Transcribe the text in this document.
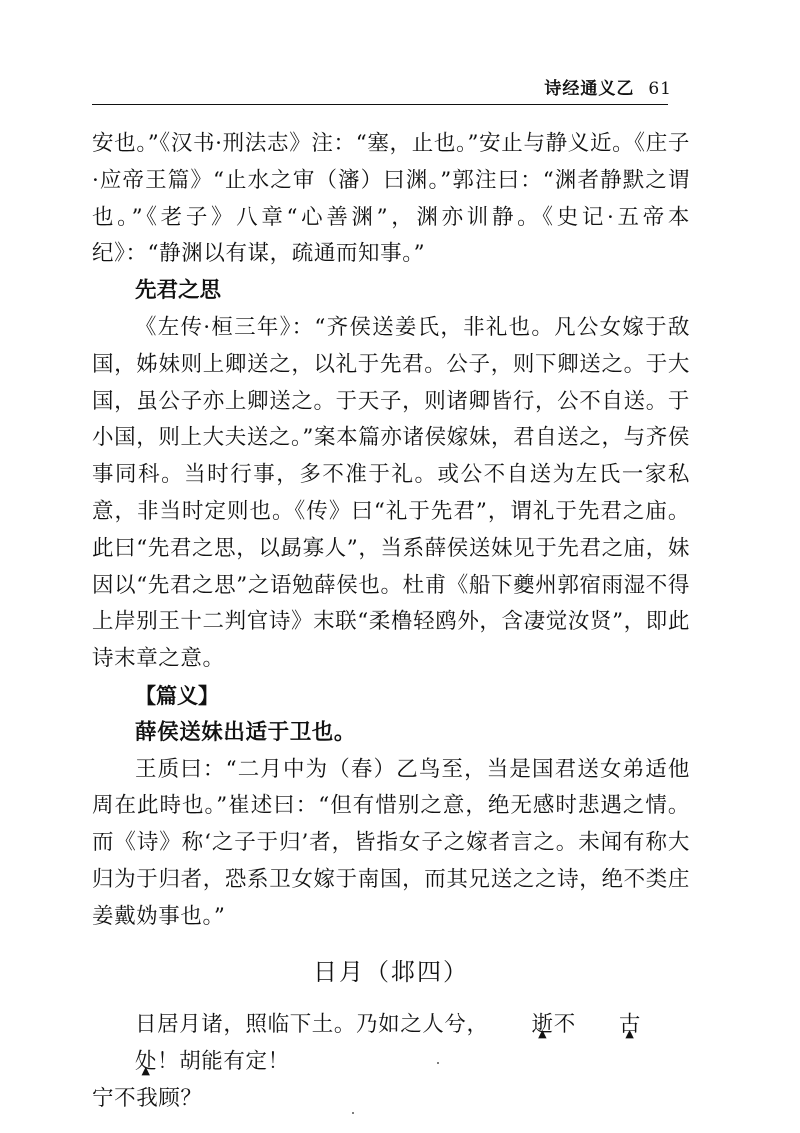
诗经通义乙 61

安也。”《汉书·刑法志》注：“塞，止也。”安止与静义近。《庄子·应帝王篇》“止水之审（瀋）曰渊。”郭注曰：“渊者静默之谓也。”《老子》八章“心善渊”，渊亦训静。《史记·五帝本纪》：“静渊以有谋，疏通而知事。”

先君之思

《左传·桓三年》：“齐侯送姜氏，非礼也。凡公女嫁于敌国，姊妹则上卿送之，以礼于先君。公子，则下卿送之。于大国，虽公子亦上卿送之。于天子，则诸卿皆行，公不自送。于小国，则上大夫送之。”案本篇亦诸侯嫁妹，君自送之，与齐侯事同科。当时行事，多不准于礼。或公不自送为左氏一家私意，非当时定则也。《传》曰“礼于先君”，谓礼于先君之庙。此曰“先君之思，以勗寡人”，当系薛侯送妹见于先君之庙，妹因以“先君之思”之语勉薛侯也。杜甫《船下夔州郭宿雨湿不得上岸别王十二判官诗》末联“柔橹轻鸥外，含凄觉汝贤”，即此诗末章之意。

【篇义】

薛侯送妹出适于卫也。

王质曰：“二月中为（春）乙鸟至，当是国君送女弟适他周在此時也。”崔述曰：“但有惜别之意，绝无感时悲遇之情。而《诗》称‘之子于归’者，皆指女子之嫁者言之。未闻有称大归为于归者，恐系卫女嫁于南国，而其兄送之之诗，绝不类庄姜戴妫事也。”

日月（邶四）

日居月诸，照临下土。乃如之人兮， 逝 ▲不 古 ▲处 ▲！胡能有定！

宁不我顾？
